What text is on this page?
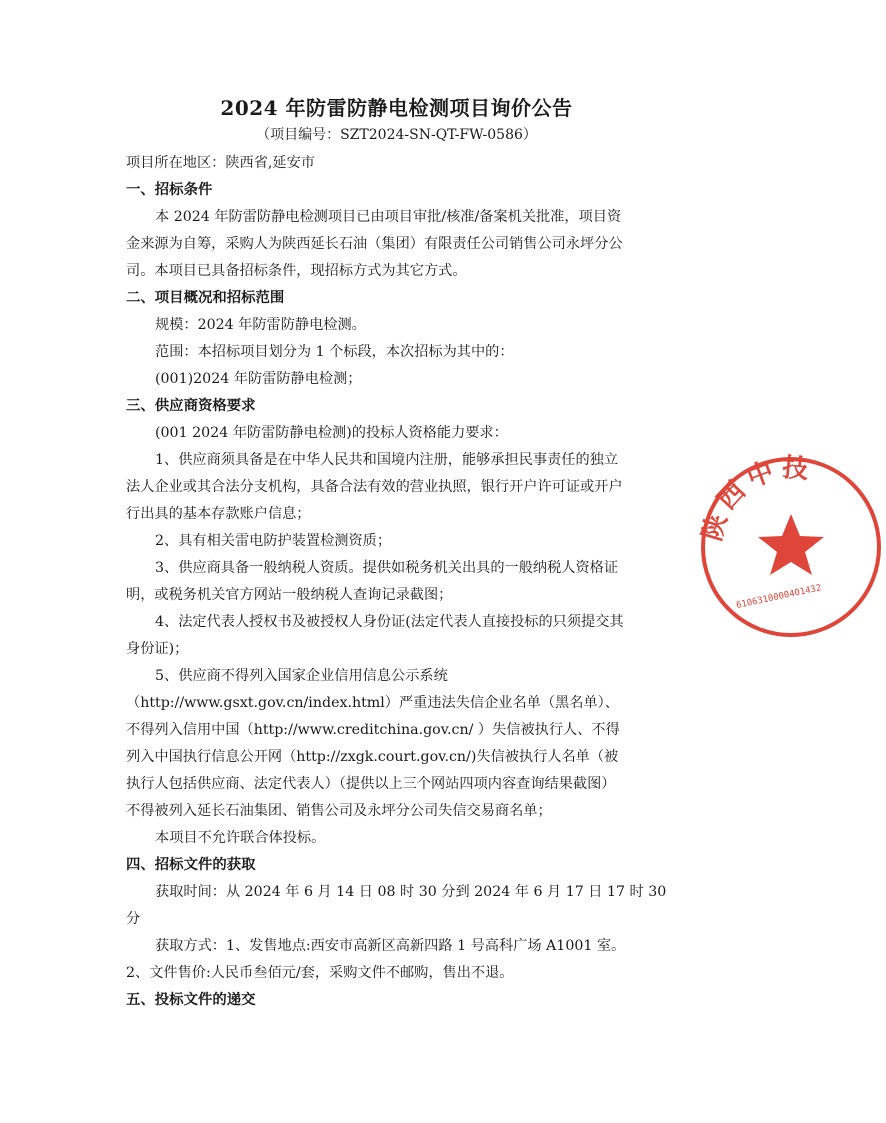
2024 年防雷防静电检测项目询价公告
（项目编号：SZT2024-SN-QT-FW-0586）
项目所在地区：陕西省,延安市
一、招标条件
本 2024 年防雷防静电检测项目已由项目审批/核准/备案机关批准，项目资
金来源为自筹，采购人为陕西延长石油（集团）有限责任公司销售公司永坪分公
司。本项目已具备招标条件，现招标方式为其它方式。
二、项目概况和招标范围
规模：2024 年防雷防静电检测。
范围：本招标项目划分为 1 个标段，本次招标为其中的：
(001)2024 年防雷防静电检测；
三、供应商资格要求
(001 2024 年防雷防静电检测)的投标人资格能力要求：
1、供应商须具备是在中华人民共和国境内注册，能够承担民事责任的独立
法人企业或其合法分支机构，具备合法有效的营业执照，银行开户许可证或开户
行出具的基本存款账户信息；
2、具有相关雷电防护装置检测资质；
3、供应商具备一般纳税人资质。提供如税务机关出具的一般纳税人资格证
明，或税务机关官方网站一般纳税人查询记录截图；
4、法定代表人授权书及被授权人身份证(法定代表人直接投标的只须提交其
身份证)；
5、供应商不得列入国家企业信用信息公示系统
（http://www.gsxt.gov.cn/index.html）严重违法失信企业名单（黑名单）、
不得列入信用中国（http://www.creditchina.gov.cn/ ）失信被执行人、不得
列入中国执行信息公开网（http://zxgk.court.gov.cn/)失信被执行人名单（被
执行人包括供应商、法定代表人）（提供以上三个网站四项内容查询结果截图）
不得被列入延长石油集团、销售公司及永坪分公司失信交易商名单；
本项目不允许联合体投标。
四、招标文件的获取
获取时间：从 2024 年 6 月 14 日 08 时 30 分到 2024 年 6 月 17 日 17 时 30
分
获取方式：1、发售地点:西安市高新区高新四路 1 号高科广场 A1001 室。
2、文件售价:人民币叁佰元/套，采购文件不邮购，售出不退。
五、投标文件的递交
陕西中技
6106310000401432
